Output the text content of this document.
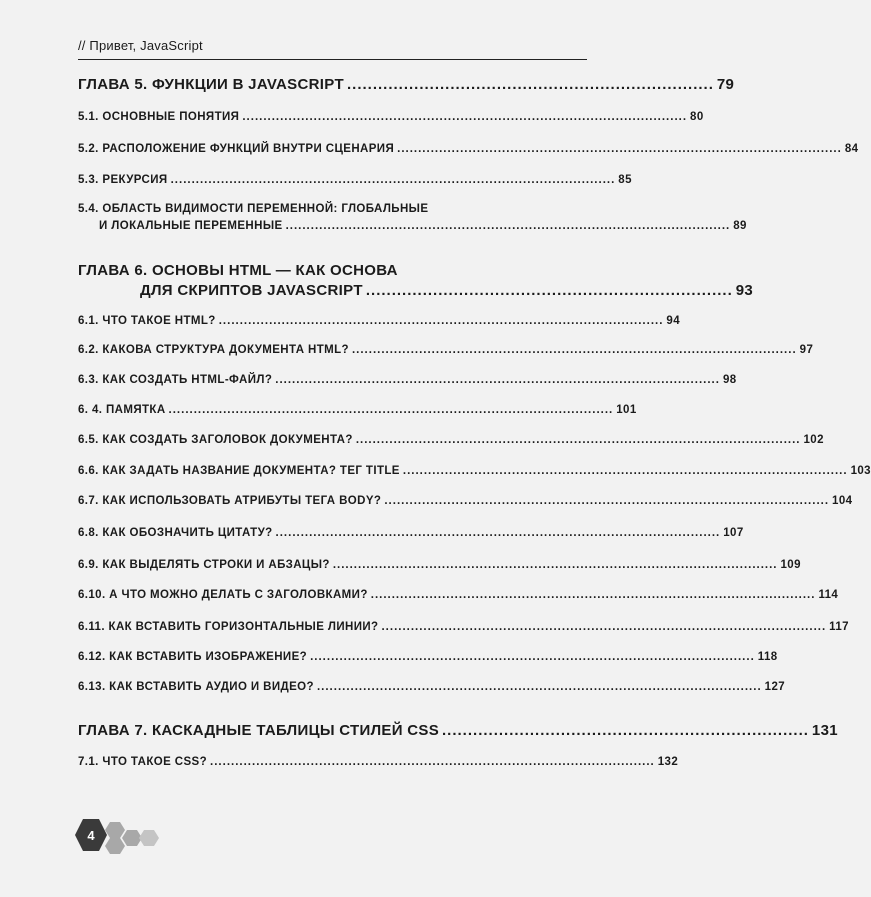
// Привет, JavaScript
ГЛАВА 5. ФУНКЦИИ В JAVASCRIPT ....................................................................... 79
5.1. ОСНОВНЫЕ ПОНЯТИЯ .......................................................................................................... 80
5.2. РАСПОЛОЖЕНИЕ ФУНКЦИЙ ВНУТРИ СЦЕНАРИЯ .......................................................................................................... 84
5.3. РЕКУРСИЯ .......................................................................................................... 85
5.4. ОБЛАСТЬ ВИДИМОСТИ ПЕРЕМЕННОЙ: ГЛОБАЛЬНЫЕ
И ЛОКАЛЬНЫЕ ПЕРЕМЕННЫЕ .......................................................................................................... 89
ГЛАВА 6. ОСНОВЫ HTML — КАК ОСНОВА
ДЛЯ СКРИПТОВ JAVASCRIPT ....................................................................... 93
6.1. ЧТО ТАКОЕ HTML? .......................................................................................................... 94
6.2. КАКОВА СТРУКТУРА ДОКУМЕНТА HTML? .......................................................................................................... 97
6.3. КАК СОЗДАТЬ HTML-ФАЙЛ? .......................................................................................................... 98
6. 4. ПАМЯТКА .......................................................................................................... 101
6.5. КАК СОЗДАТЬ ЗАГОЛОВОК ДОКУМЕНТА? .......................................................................................................... 102
6.6. КАК ЗАДАТЬ НАЗВАНИЕ ДОКУМЕНТА? ТЕГ TITLE .......................................................................................................... 103
6.7. КАК ИСПОЛЬЗОВАТЬ АТРИБУТЫ ТЕГА BODY? .......................................................................................................... 104
6.8. КАК ОБОЗНАЧИТЬ ЦИТАТУ? .......................................................................................................... 107
6.9. КАК ВЫДЕЛЯТЬ СТРОКИ И АБЗАЦЫ? .......................................................................................................... 109
6.10. А ЧТО МОЖНО ДЕЛАТЬ С ЗАГОЛОВКАМИ? .......................................................................................................... 114
6.11. КАК ВСТАВИТЬ ГОРИЗОНТАЛЬНЫЕ ЛИНИИ? .......................................................................................................... 117
6.12. КАК ВСТАВИТЬ ИЗОБРАЖЕНИЕ? .......................................................................................................... 118
6.13. КАК ВСТАВИТЬ АУДИО И ВИДЕО? .......................................................................................................... 127
ГЛАВА 7. КАСКАДНЫЕ ТАБЛИЦЫ СТИЛЕЙ CSS ....................................................................... 131
7.1. ЧТО ТАКОЕ CSS? .......................................................................................................... 132
4
